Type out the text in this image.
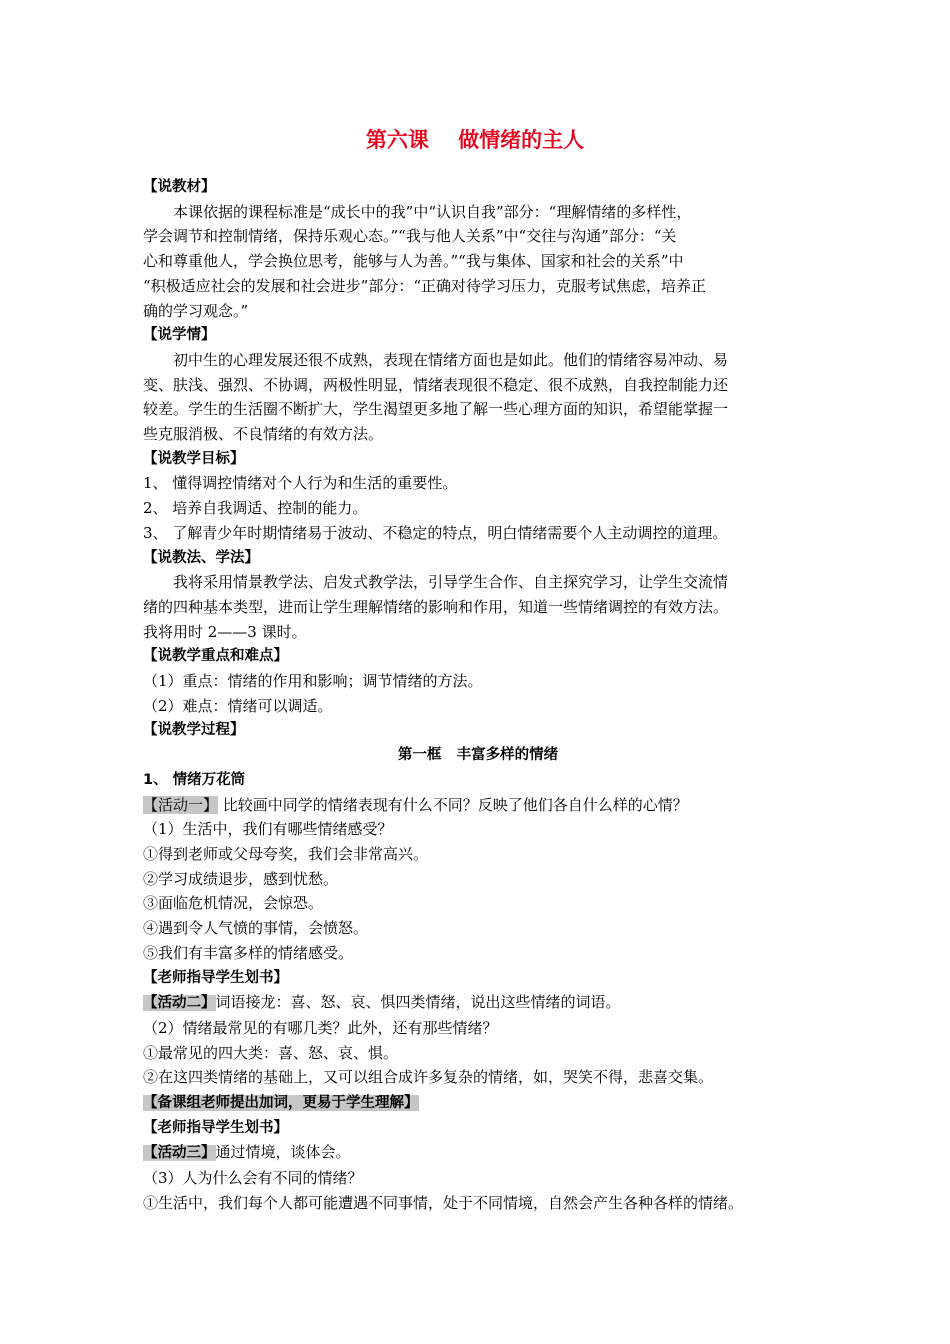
第六课    做情绪的主人

【说教材】

本课依据的课程标准是“成长中的我”中“认识自我”部分：“理解情绪的多样性，

学会调节和控制情绪，保持乐观心态。”“我与他人关系”中“交往与沟通”部分：“关

心和尊重他人，学会换位思考，能够与人为善。”“我与集体、国家和社会的关系”中

“积极适应社会的发展和社会进步”部分：“正确对待学习压力，克服考试焦虑，培养正

确的学习观念。”

【说学情】

初中生的心理发展还很不成熟，表现在情绪方面也是如此。他们的情绪容易冲动、易

变、肤浅、强烈、不协调，两极性明显，情绪表现很不稳定、很不成熟，自我控制能力还

较差。学生的生活圈不断扩大，学生渴望更多地了解一些心理方面的知识，希望能掌握一

些克服消极、不良情绪的有效方法。

【说教学目标】

1、 懂得调控情绪对个人行为和生活的重要性。

2、 培养自我调适、控制的能力。

3、 了解青少年时期情绪易于波动、不稳定的特点，明白情绪需要个人主动调控的道理。

【说教法、学法】

我将采用情景教学法、启发式教学法，引导学生合作、自主探究学习，让学生交流情

绪的四种基本类型，进而让学生理解情绪的影响和作用，知道一些情绪调控的有效方法。

我将用时 2——3 课时。

【说教学重点和难点】

（1）重点：情绪的作用和影响；调节情绪的方法。

（2）难点：情绪可以调适。

【说教学过程】

第一框   丰富多样的情绪

1、 情绪万花筒

【活动一】 比较画中同学的情绪表现有什么不同？反映了他们各自什么样的心情？

（1）生活中，我们有哪些情绪感受？

①得到老师或父母夸奖，我们会非常高兴。

②学习成绩退步，感到忧愁。

③面临危机情况，会惊恐。

④遇到令人气愤的事情，会愤怒。

⑤我们有丰富多样的情绪感受。

【老师指导学生划书】

【活动二】词语接龙：喜、怒、哀、惧四类情绪，说出这些情绪的词语。

（2）情绪最常见的有哪几类？此外，还有那些情绪？

①最常见的四大类：喜、怒、哀、惧。

②在这四类情绪的基础上，又可以组合成许多复杂的情绪，如，哭笑不得，悲喜交集。

【备课组老师提出加词，更易于学生理解】

【老师指导学生划书】

【活动三】通过情境，谈体会。

（3）人为什么会有不同的情绪？

①生活中，我们每个人都可能遭遇不同事情，处于不同情境，自然会产生各种各样的情绪。
